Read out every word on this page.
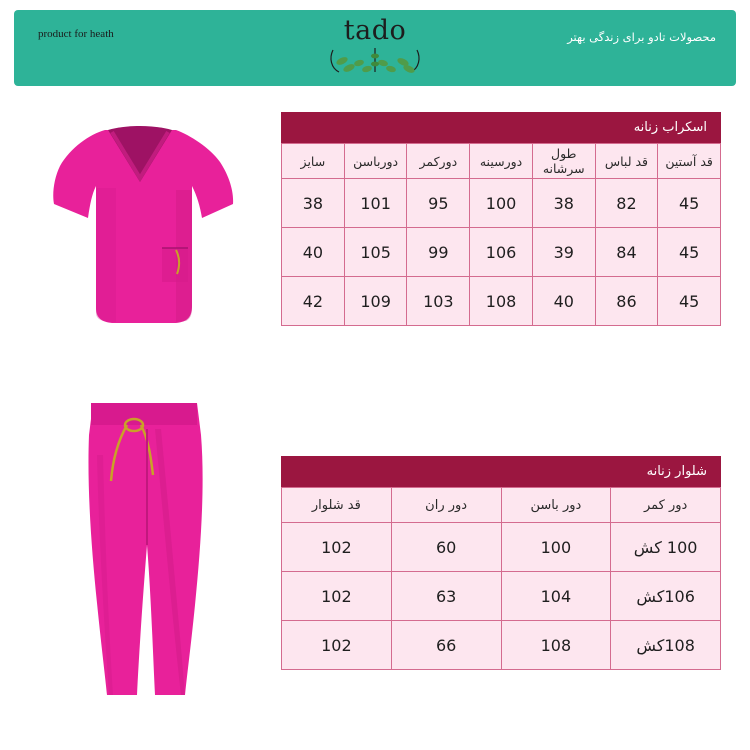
product for heath	tado	محصولات تادو برای زندگی بهتر
اسکراب زنانه
قد آستین	قد لباس	طول سرشانه	دورسینه	دورکمر	دورباسن	سایز
45	82	38	100	95	101	38
45	84	39	106	99	105	40
45	86	40	108	103	109	42
شلوار زنانه
دور کمر	دور باسن	دور ران	قد شلوار
100 کش	100	60	102
106کش	104	63	102
108کش	108	66	102
